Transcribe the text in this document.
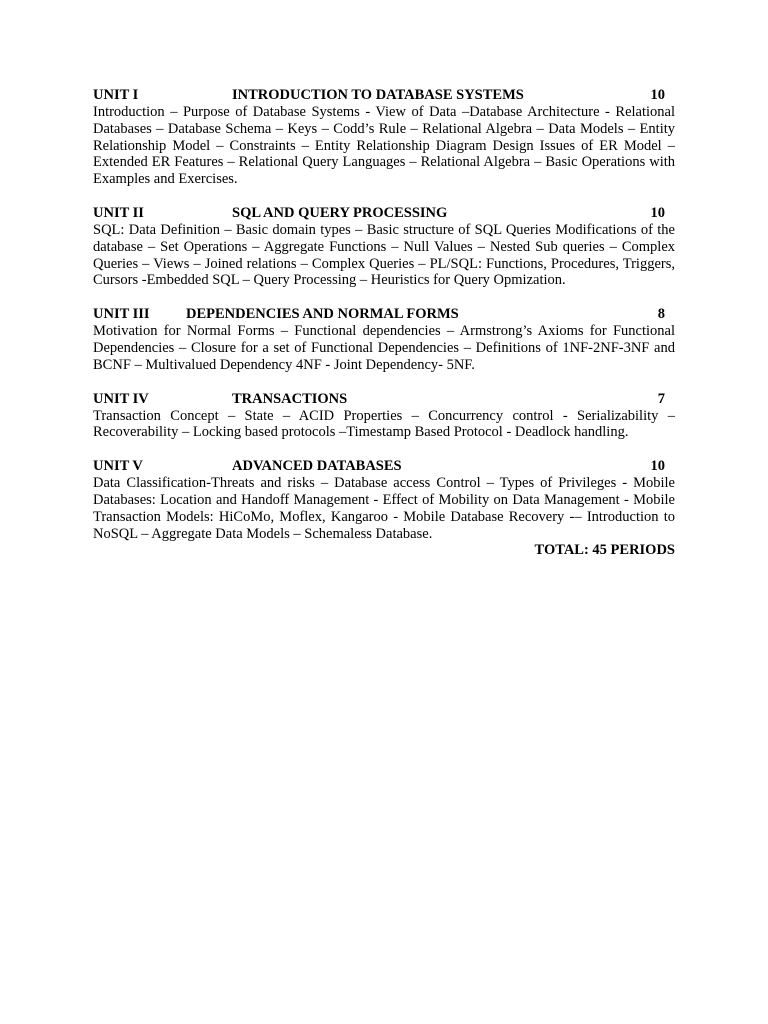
UNIT I	INTRODUCTION TO DATABASE SYSTEMS	10

Introduction – Purpose of Database Systems - View of Data –Database Architecture - Relational Databases – Database Schema – Keys – Codd’s Rule – Relational Algebra – Data Models – Entity Relationship Model – Constraints – Entity Relationship Diagram Design Issues of ER Model – Extended ER Features – Relational Query Languages – Relational Algebra – Basic Operations with Examples and Exercises.

UNIT II	SQL AND QUERY PROCESSING	10

SQL: Data Definition – Basic domain types – Basic structure of SQL Queries Modifications of the database – Set Operations – Aggregate Functions – Null Values – Nested Sub queries – Complex Queries – Views – Joined relations – Complex Queries – PL/SQL: Functions, Procedures, Triggers, Cursors -Embedded SQL – Query Processing – Heuristics for Query Opmization.

UNIT III	DEPENDENCIES AND NORMAL FORMS	8

Motivation for Normal Forms – Functional dependencies – Armstrong’s Axioms for Functional Dependencies – Closure for a set of Functional Dependencies – Definitions of 1NF-2NF-3NF and BCNF – Multivalued Dependency 4NF - Joint Dependency- 5NF.

UNIT IV	TRANSACTIONS	7

Transaction Concept – State – ACID Properties – Concurrency control - Serializability – Recoverability – Locking based protocols –Timestamp Based Protocol - Deadlock handling.

UNIT V	ADVANCED DATABASES	10

Data Classification-Threats and risks – Database access Control – Types of Privileges - Mobile Databases: Location and Handoff Management - Effect of Mobility on Data Management - Mobile Transaction Models: HiCoMo, Moflex, Kangaroo - Mobile Database Recovery -– Introduction to NoSQL – Aggregate Data Models – Schemaless Database.

TOTAL: 45 PERIODS
